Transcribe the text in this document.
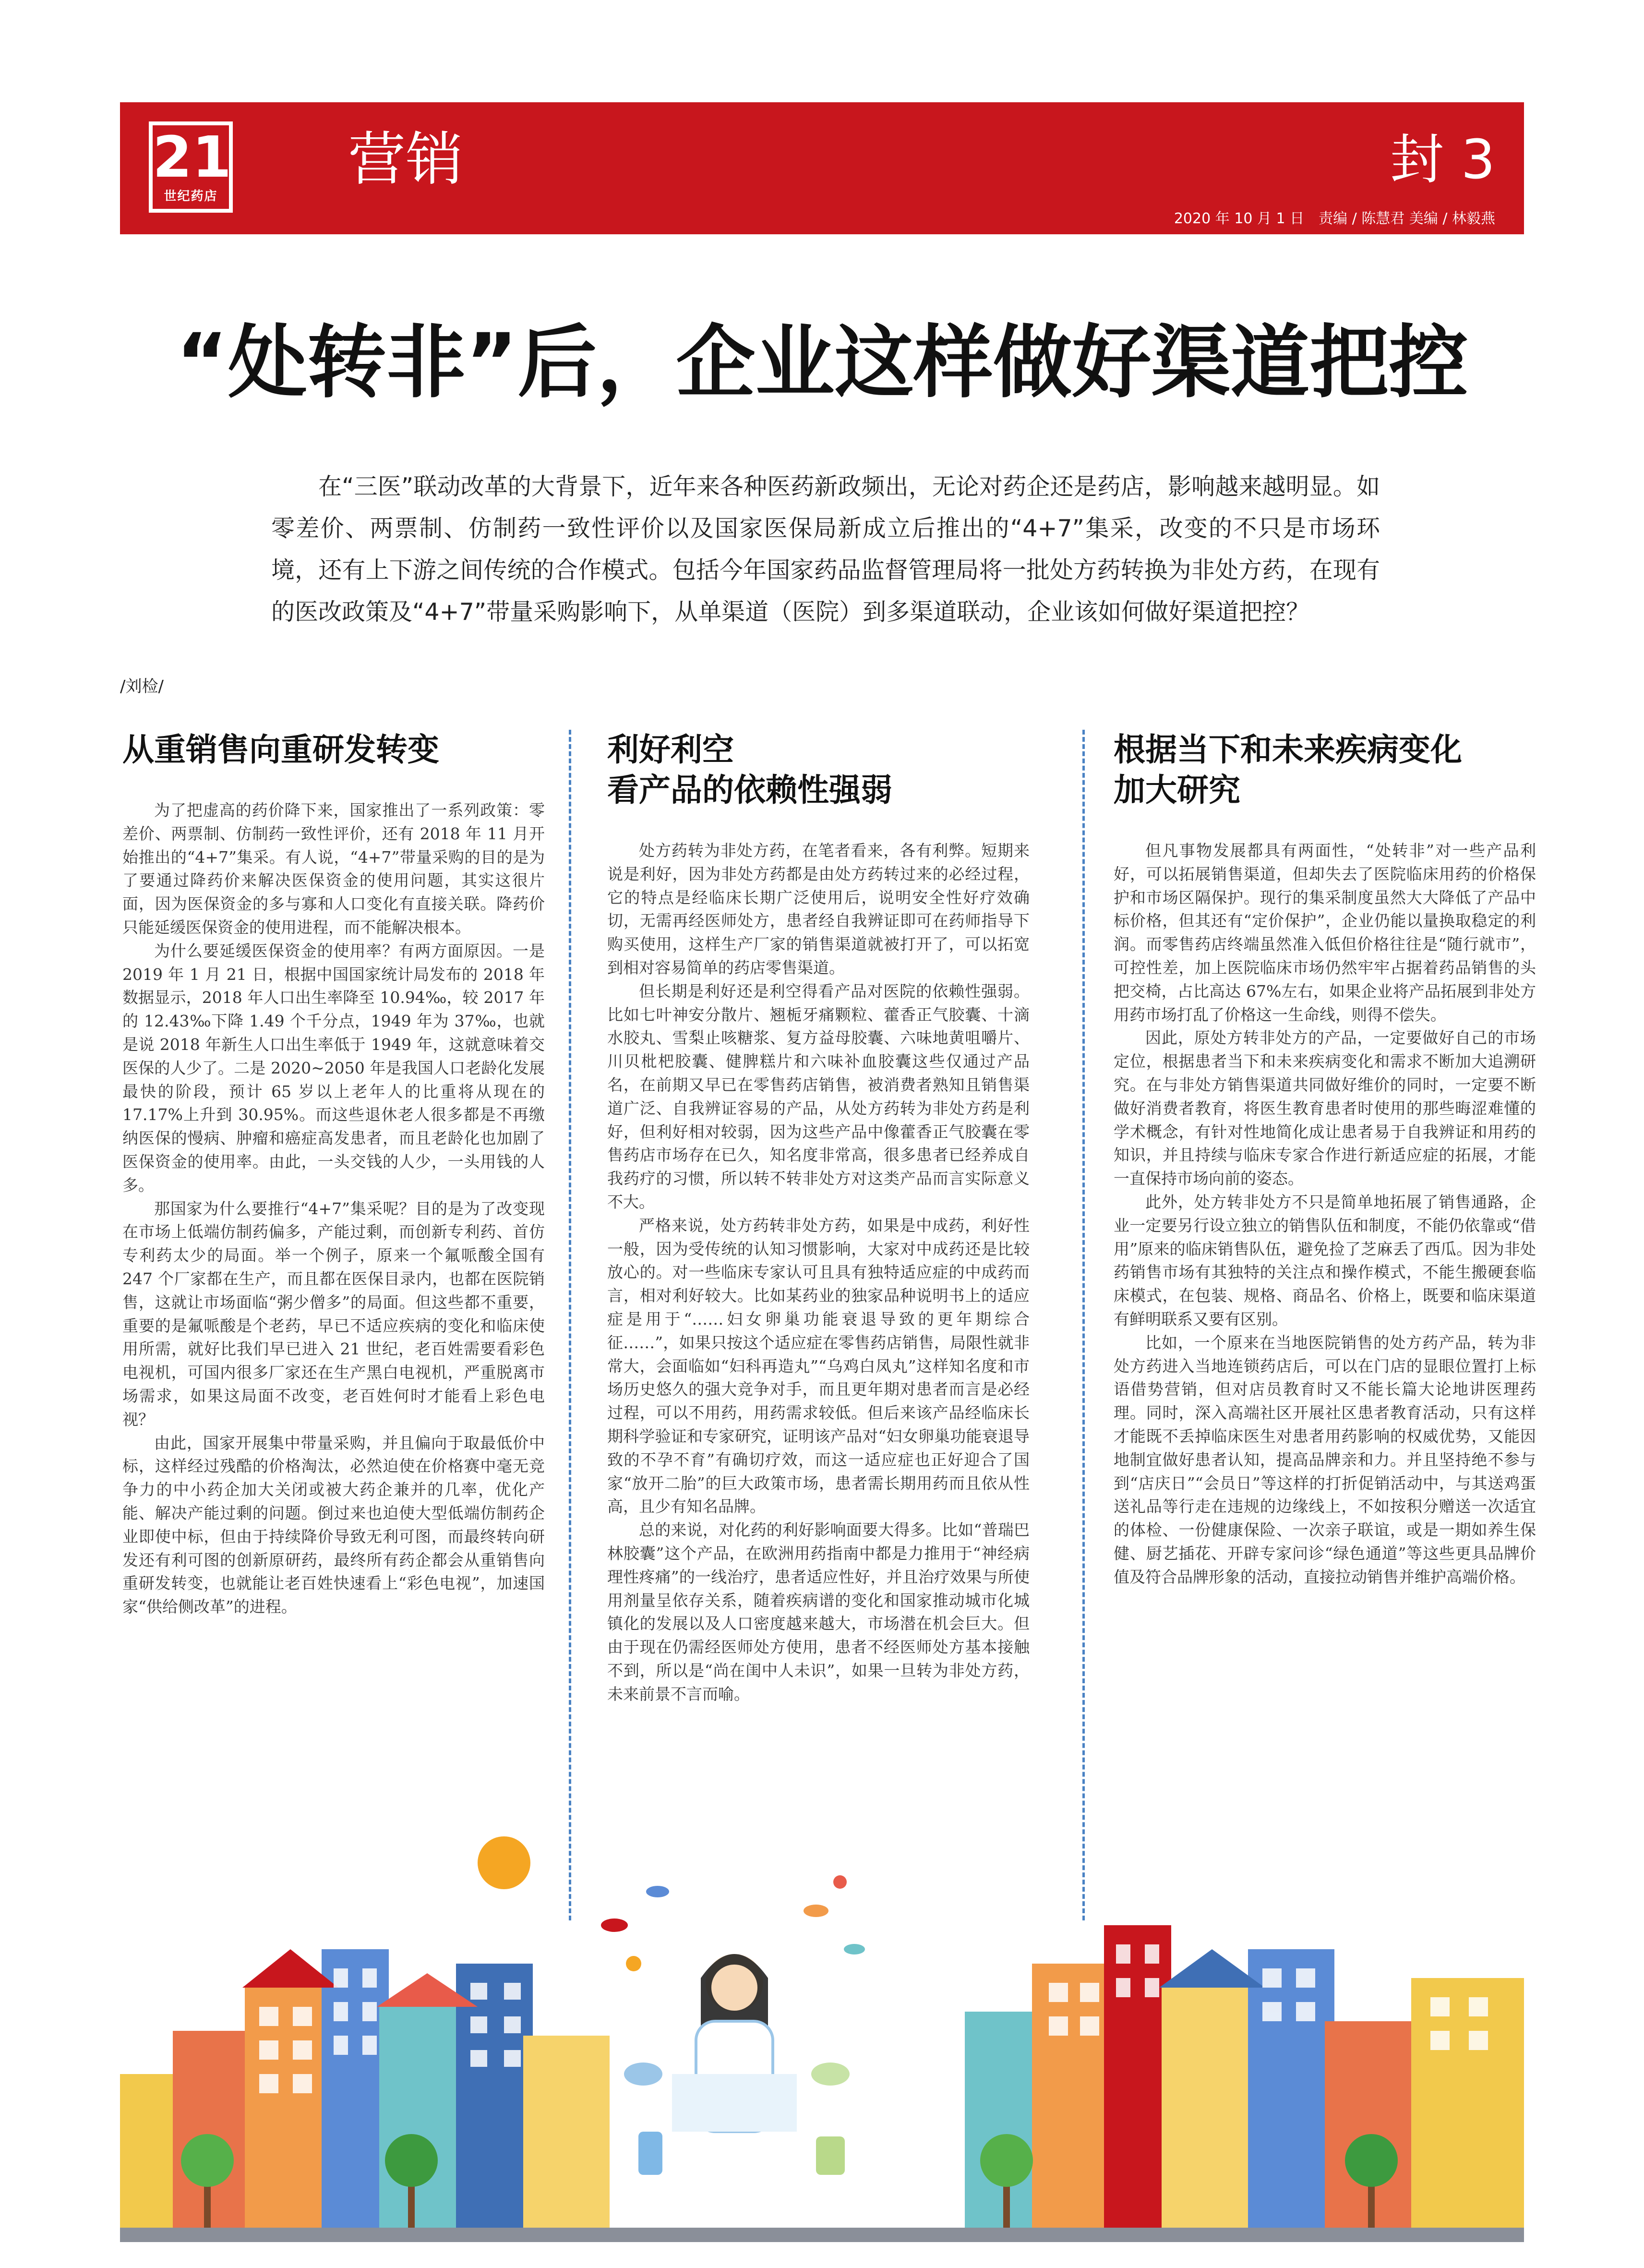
21
世纪药店
营销	封 3
2020 年 10 月 1 日　责编 / 陈慧君 美编 / 林毅燕
“处转非”后，企业这样做好渠道把控

在“三医”联动改革的大背景下，近年来各种医药新政频出，无论对药企还是药店，影响越来越明显。如零差价、两票制、仿制药一致性评价以及国家医保局新成立后推出的“4+7”集采，改变的不只是市场环境，还有上下游之间传统的合作模式。包括今年国家药品监督管理局将一批处方药转换为非处方药，在现有的医改政策及“4+7”带量采购影响下，从单渠道（医院）到多渠道联动，企业该如何做好渠道把控？

/刘检/
从重销售向重研发转变

为了把虚高的药价降下来，国家推出了一系列政策：零差价、两票制、仿制药一致性评价，还有 2018 年 11 月开始推出的“4+7”集采。有人说，“4+7”带量采购的目的是为了要通过降药价来解决医保资金的使用问题，其实这很片面，因为医保资金的多与寡和人口变化有直接关联。降药价只能延缓医保资金的使用进程，而不能解决根本。

为什么要延缓医保资金的使用率？有两方面原因。一是 2019 年 1 月 21 日，根据中国国家统计局发布的 2018 年数据显示，2018 年人口出生率降至 10.94‰，较 2017 年的 12.43‰下降 1.49 个千分点，1949 年为 37‰，也就是说 2018 年新生人口出生率低于 1949 年，这就意味着交医保的人少了。二是 2020~2050 年是我国人口老龄化发展最快的阶段，预计 65 岁以上老年人的比重将从现在的 17.17%上升到 30.95%。而这些退休老人很多都是不再缴纳医保的慢病、肿瘤和癌症高发患者，而且老龄化也加剧了医保资金的使用率。由此，一头交钱的人少，一头用钱的人多。

那国家为什么要推行“4+7”集采呢？目的是为了改变现在市场上低端仿制药偏多，产能过剩，而创新专利药、首仿专利药太少的局面。举一个例子，原来一个氟哌酸全国有 247 个厂家都在生产，而且都在医保目录内，也都在医院销售，这就让市场面临“粥少僧多”的局面。但这些都不重要，重要的是氟哌酸是个老药，早已不适应疾病的变化和临床使用所需，就好比我们早已进入 21 世纪，老百姓需要看彩色电视机，可国内很多厂家还在生产黑白电视机，严重脱离市场需求，如果这局面不改变，老百姓何时才能看上彩色电视？

由此，国家开展集中带量采购，并且偏向于取最低价中标，这样经过残酷的价格淘汰，必然迫使在价格赛中毫无竞争力的中小药企加大关闭或被大药企兼并的几率，优化产能、解决产能过剩的问题。倒过来也迫使大型低端仿制药企业即使中标，但由于持续降价导致无利可图，而最终转向研发还有利可图的创新原研药，最终所有药企都会从重销售向重研发转变，也就能让老百姓快速看上“彩色电视”，加速国家“供给侧改革”的进程。

利好利空
看产品的依赖性强弱

处方药转为非处方药，在笔者看来，各有利弊。短期来说是利好，因为非处方药都是由处方药转过来的必经过程，它的特点是经临床长期广泛使用后，说明安全性好疗效确切，无需再经医师处方，患者经自我辨证即可在药师指导下购买使用，这样生产厂家的销售渠道就被打开了，可以拓宽到相对容易简单的药店零售渠道。

但长期是利好还是利空得看产品对医院的依赖性强弱。比如七叶神安分散片、翘栀牙痛颗粒、藿香正气胶囊、十滴水胶丸、雪梨止咳糖浆、复方益母胶囊、六味地黄咀嚼片、川贝枇杷胶囊、健脾糕片和六味补血胶囊这些仅通过产品名，在前期又早已在零售药店销售，被消费者熟知且销售渠道广泛、自我辨证容易的产品，从处方药转为非处方药是利好，但利好相对较弱，因为这些产品中像藿香正气胶囊在零售药店市场存在已久，知名度非常高，很多患者已经养成自我药疗的习惯，所以转不转非处方对这类产品而言实际意义不大。

严格来说，处方药转非处方药，如果是中成药，利好性一般，因为受传统的认知习惯影响，大家对中成药还是比较放心的。对一些临床专家认可且具有独特适应症的中成药而言，相对利好较大。比如某药业的独家品种说明书上的适应症是用于“……妇女卵巢功能衰退导致的更年期综合征……”，如果只按这个适应症在零售药店销售，局限性就非常大，会面临如“妇科再造丸”“乌鸡白凤丸”这样知名度和市场历史悠久的强大竞争对手，而且更年期对患者而言是必经过程，可以不用药，用药需求较低。但后来该产品经临床长期科学验证和专家研究，证明该产品对“妇女卵巢功能衰退导致的不孕不育”有确切疗效，而这一适应症也正好迎合了国家“放开二胎”的巨大政策市场，患者需长期用药而且依从性高，且少有知名品牌。

总的来说，对化药的利好影响面要大得多。比如“普瑞巴林胶囊”这个产品，在欧洲用药指南中都是力推用于“神经病理性疼痛”的一线治疗，患者适应性好，并且治疗效果与所使用剂量呈依存关系，随着疾病谱的变化和国家推动城市化城镇化的发展以及人口密度越来越大，市场潜在机会巨大。但由于现在仍需经医师处方使用，患者不经医师处方基本接触不到，所以是“尚在闺中人未识”，如果一旦转为非处方药，未来前景不言而喻。

根据当下和未来疾病变化
加大研究

但凡事物发展都具有两面性，“处转非”对一些产品利好，可以拓展销售渠道，但却失去了医院临床用药的价格保护和市场区隔保护。现行的集采制度虽然大大降低了产品中标价格，但其还有“定价保护”，企业仍能以量换取稳定的利润。而零售药店终端虽然准入低但价格往往是“随行就市”，可控性差，加上医院临床市场仍然牢牢占据着药品销售的头把交椅，占比高达 67%左右，如果企业将产品拓展到非处方用药市场打乱了价格这一生命线，则得不偿失。

因此，原处方转非处方的产品，一定要做好自己的市场定位，根据患者当下和未来疾病变化和需求不断加大追溯研究。在与非处方销售渠道共同做好维价的同时，一定要不断做好消费者教育，将医生教育患者时使用的那些晦涩难懂的学术概念，有针对性地简化成让患者易于自我辨证和用药的知识，并且持续与临床专家合作进行新适应症的拓展，才能一直保持市场向前的姿态。

此外，处方转非处方不只是简单地拓展了销售通路，企业一定要另行设立独立的销售队伍和制度，不能仍依靠或“借用”原来的临床销售队伍，避免捡了芝麻丢了西瓜。因为非处药销售市场有其独特的关注点和操作模式，不能生搬硬套临床模式，在包装、规格、商品名、价格上，既要和临床渠道有鲜明联系又要有区别。

比如，一个原来在当地医院销售的处方药产品，转为非处方药进入当地连锁药店后，可以在门店的显眼位置打上标语借势营销，但对店员教育时又不能长篇大论地讲医理药理。同时，深入高端社区开展社区患者教育活动，只有这样才能既不丢掉临床医生对患者用药影响的权威优势，又能因地制宜做好患者认知，提高品牌亲和力。并且坚持绝不参与到“店庆日”“会员日”等这样的打折促销活动中，与其送鸡蛋送礼品等行走在违规的边缘线上，不如按积分赠送一次适宜的体检、一份健康保险、一次亲子联谊，或是一期如养生保健、厨艺插花、开辟专家问诊“绿色通道”等这些更具品牌价值及符合品牌形象的活动，直接拉动销售并维护高端价格。
